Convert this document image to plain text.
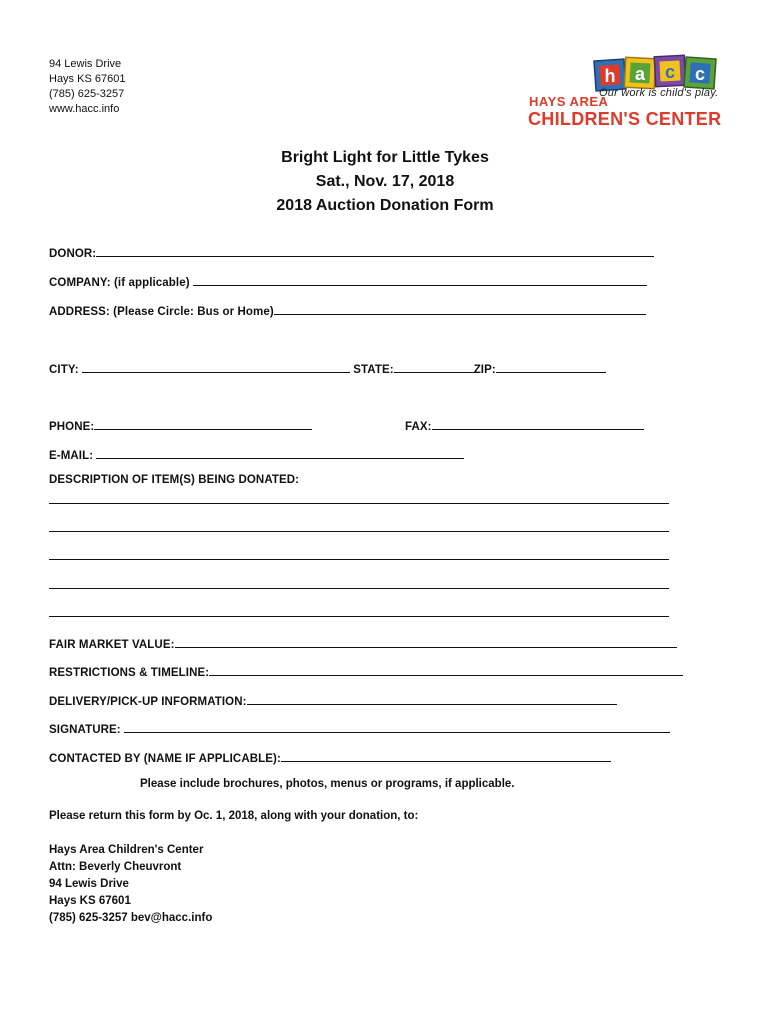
94 Lewis Drive
Hays KS 67601
(785) 625-3257
www.hacc.info
h a c c
Our work is child's play.
HAYS AREA
CHILDREN'S CENTER
Bright Light for Little Tykes
Sat., Nov. 17, 2018
2018 Auction Donation Form
DONOR:
COMPANY: (if applicable)
ADDRESS: (Please Circle: Bus or Home)
CITY:	STATE:	ZIP:
PHONE:	FAX:
E-MAIL:
DESCRIPTION OF ITEM(S) BEING DONATED:
FAIR MARKET VALUE:
RESTRICTIONS & TIMELINE:
DELIVERY/PICK-UP INFORMATION:
SIGNATURE:
CONTACTED BY (NAME IF APPLICABLE):
Please include brochures, photos, menus or programs, if applicable.
Please return this form by Oc. 1, 2018, along with your donation, to:
Hays Area Children's Center
Attn: Beverly Cheuvront
94 Lewis Drive
Hays KS 67601
(785) 625-3257 bev@hacc.info
